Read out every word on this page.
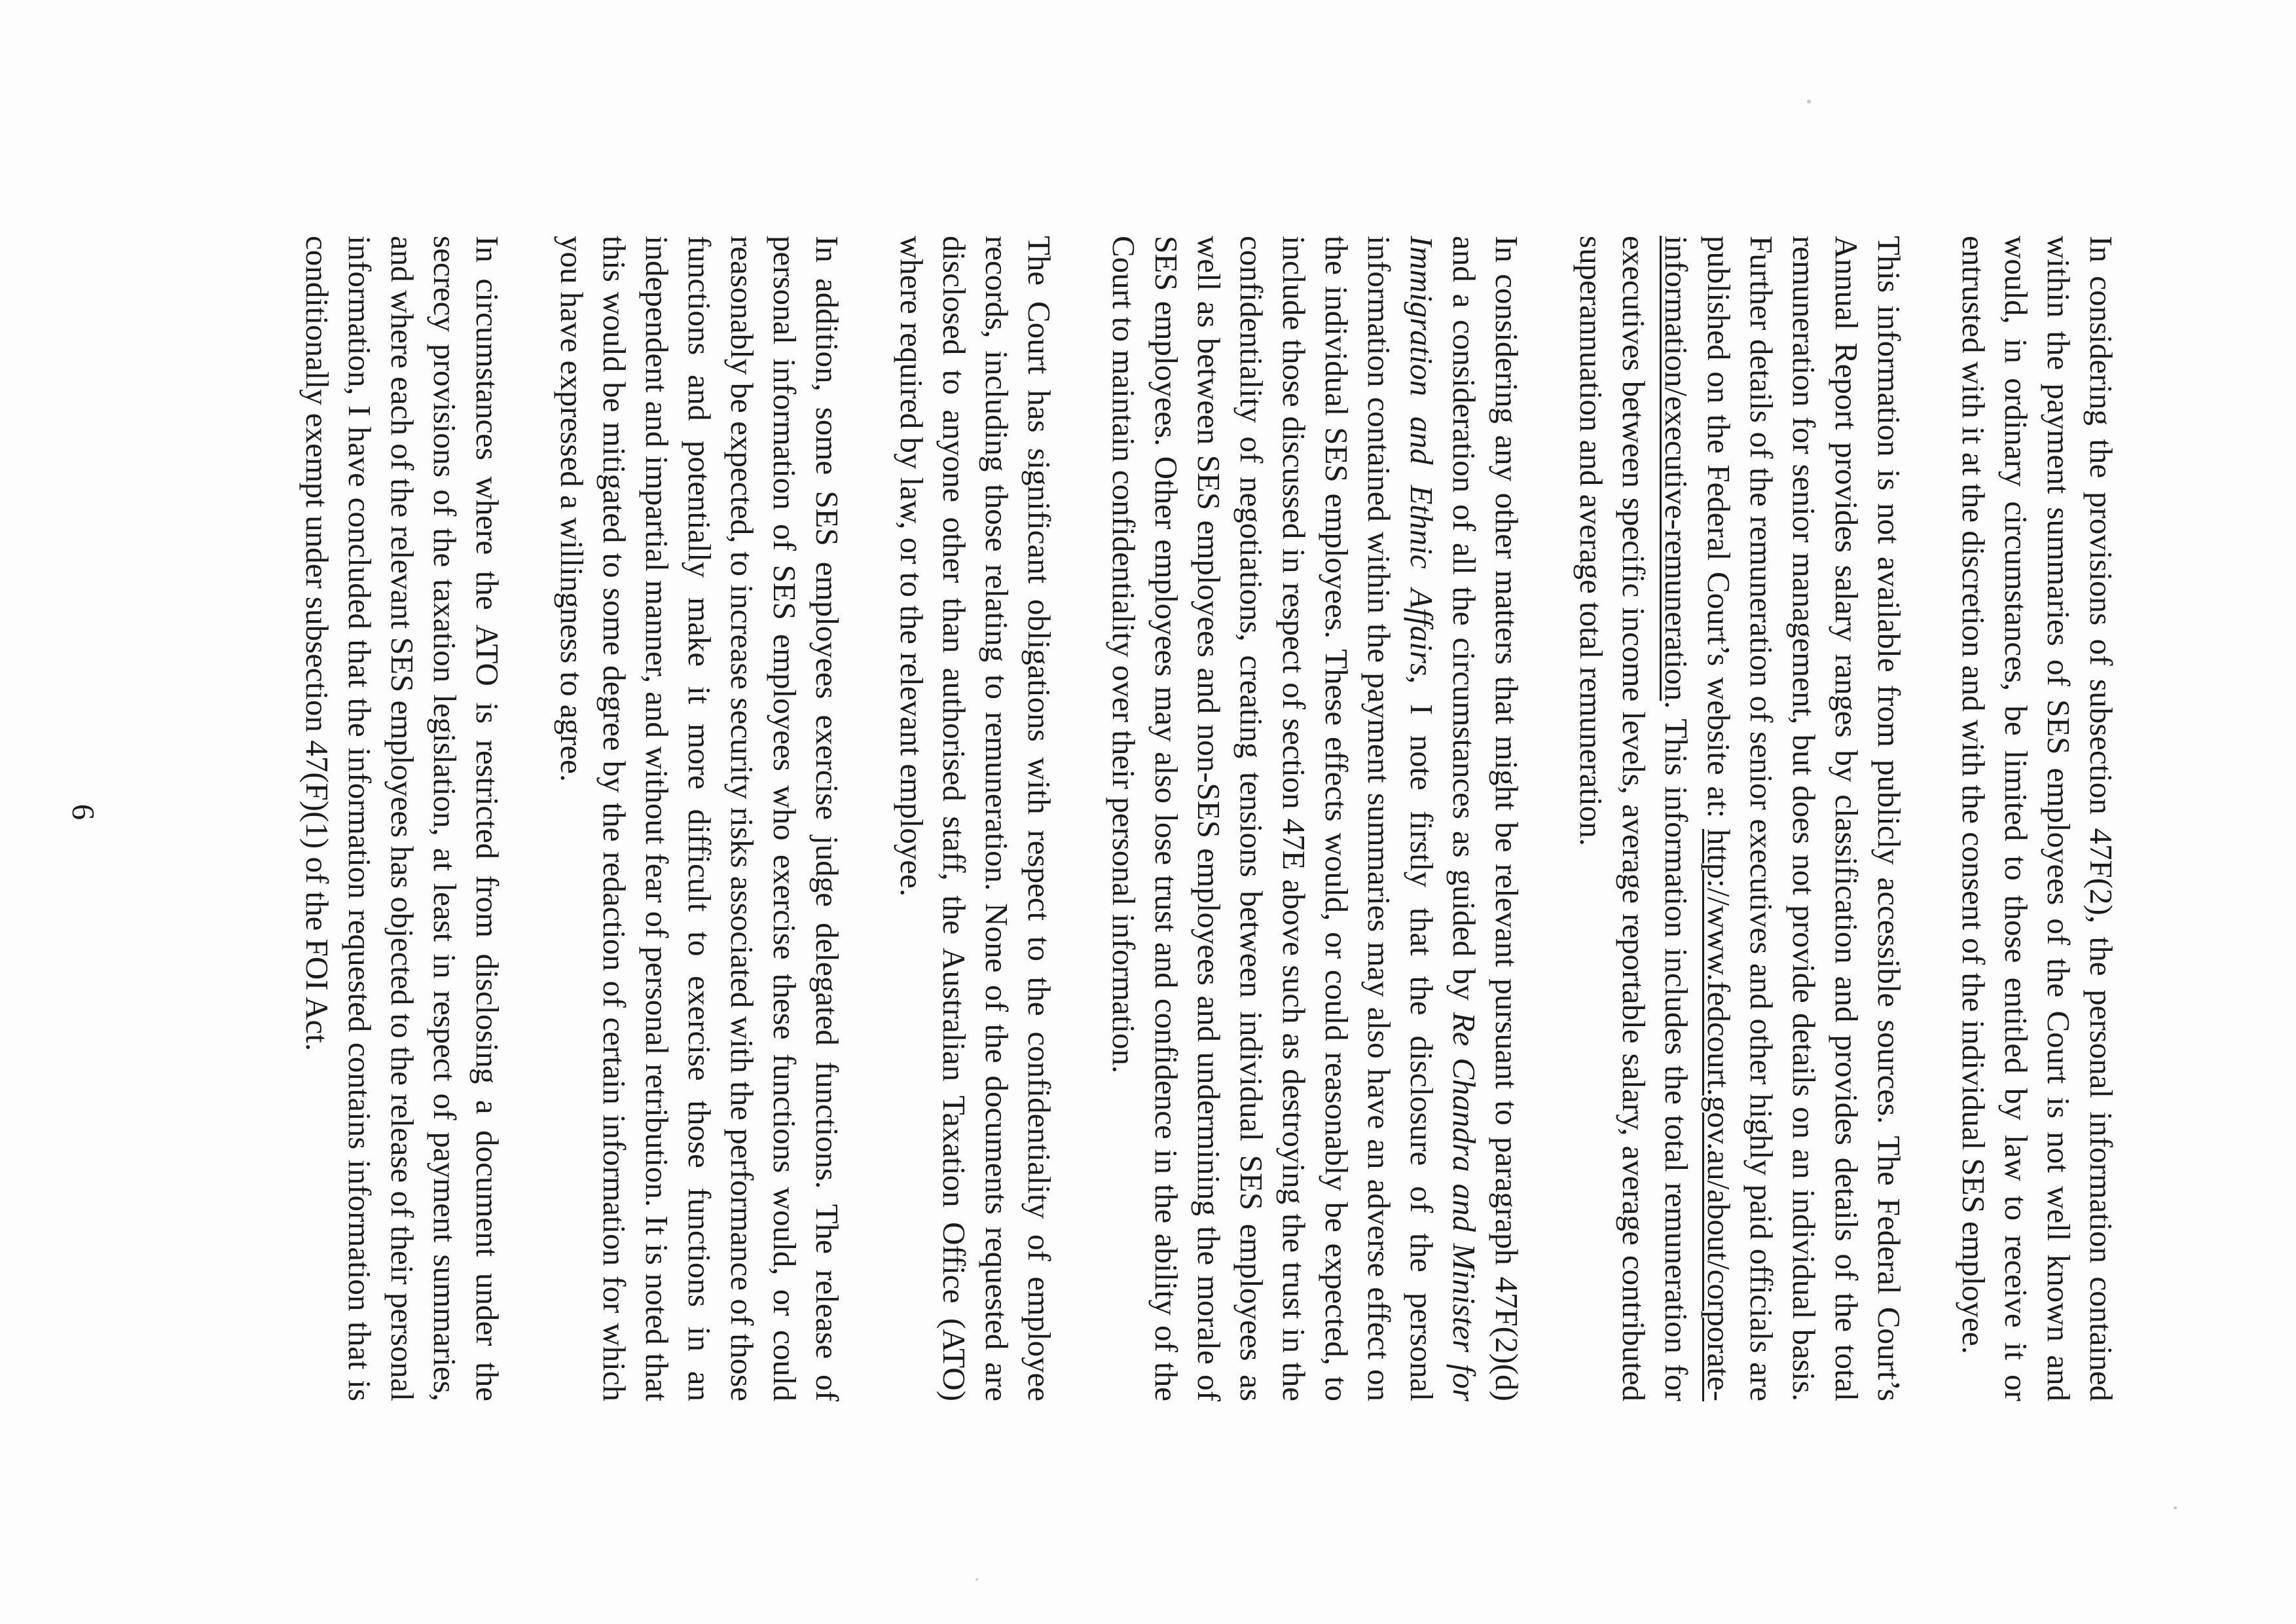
In considering the provisions of subsection 47F(2), the personal information contained within the payment summaries of SES employees of the Court is not well known and would, in ordinary circumstances, be limited to those entitled by law to receive it or entrusted with it at the discretion and with the consent of the individual SES employee.

This information is not available from publicly accessible sources. The Federal Court’s Annual Report provides salary ranges by classification and provides details of the total remuneration for senior management, but does not provide details on an individual basis. Further details of the remuneration of senior executives and other highly paid officials are published on the Federal Court’s website at: http://www.fedcourt.gov.au/about/corporate-information/executive-remuneration. This information includes the total remuneration for executives between specific income levels, average reportable salary, average contributed superannuation and average total remuneration.

In considering any other matters that might be relevant pursuant to paragraph 47F(2)(d) and a consideration of all the circumstances as guided by Re Chandra and Minister for Immigration and Ethnic Affairs, I note firstly that the disclosure of the personal information contained within the payment summaries may also have an adverse effect on the individual SES employees. These effects would, or could reasonably be expected, to include those discussed in respect of section 47E above such as destroying the trust in the confidentiality of negotiations, creating tensions between individual SES employees as well as between SES employees and non-SES employees and undermining the morale of SES employees. Other employees may also lose trust and confidence in the ability of the Court to maintain confidentiality over their personal information.

The Court has significant obligations with respect to the confidentiality of employee records, including those relating to remuneration. None of the documents requested are disclosed to anyone other than authorised staff, the Australian Taxation Office (ATO) where required by law, or to the relevant employee.

In addition, some SES employees exercise judge delegated functions. The release of personal information of SES employees who exercise these functions would, or could reasonably be expected, to increase security risks associated with the performance of those functions and potentially make it more difficult to exercise those functions in an independent and impartial manner, and without fear of personal retribution. It is noted that this would be mitigated to some degree by the redaction of certain information for which you have expressed a willingness to agree.

In circumstances where the ATO is restricted from disclosing a document under the secrecy provisions of the taxation legislation, at least in respect of payment summaries, and where each of the relevant SES employees has objected to the release of their personal information, I have concluded that the information requested contains information that is conditionally exempt under subsection 47(F)(1) of the FOI Act.

6
